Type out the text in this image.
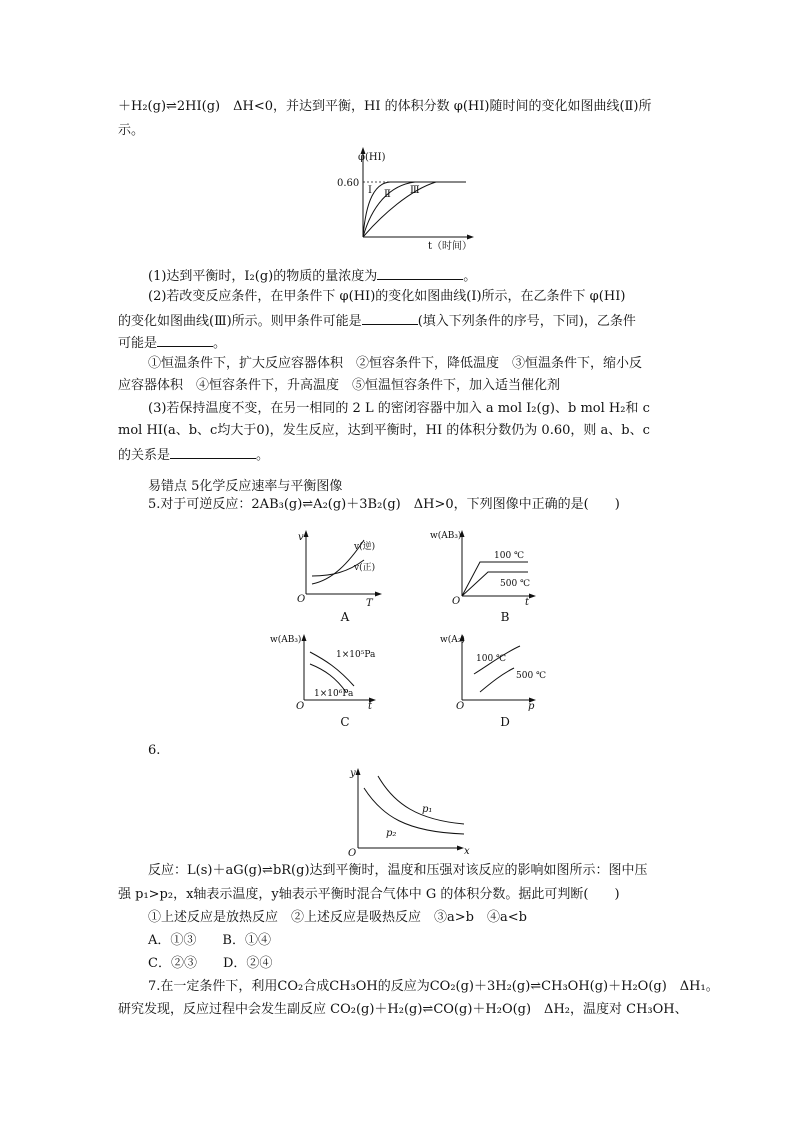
＋H₂(g)⇌2HI(g)　ΔH<0，并达到平衡，HI 的体积分数 φ(HI)随时间的变化如图曲线(Ⅱ)所
示。
φ(HI)
0.60
Ⅰ Ⅱ Ⅲ
t（时间）
(1)达到平衡时，I₂(g)的物质的量浓度为	。
(2)若改变反应条件，在甲条件下 φ(HI)的变化如图曲线(Ⅰ)所示，在乙条件下 φ(HI)
的变化如图曲线(Ⅲ)所示。则甲条件可能是	(填入下列条件的序号，下同)，乙条件
可能是	。
①恒温条件下，扩大反应容器体积　②恒容条件下，降低温度　③恒温条件下，缩小反
应容器体积　④恒容条件下，升高温度　⑤恒温恒容条件下，加入适当催化剂
(3)若保持温度不变，在另一相同的 2 L 的密闭容器中加入 a mol I₂(g)、b mol H₂和 c
mol HI(a、b、c均大于0)，发生反应，达到平衡时，HI 的体积分数仍为 0.60，则 a、b、c
的关系是	。
易错点 5化学反应速率与平衡图像
5.对于可逆反应：2AB₃(g)⇌A₂(g)＋3B₂(g)　ΔH>0，下列图像中正确的是(　　)
v
v(逆)
v(正)
O	T
A
w(AB₃)
100 ℃
500 ℃
O	t
B
w(AB₃)
1×10⁵Pa
1×10⁶Pa
O	t
C
w(A₂)
100 ℃
500 ℃
O	p
D
6.
y
p₁
p₂
O	x
反应：L(s)＋aG(g)⇌bR(g)达到平衡时，温度和压强对该反应的影响如图所示：图中压
强 p₁>p₂，x轴表示温度，y轴表示平衡时混合气体中 G 的体积分数。据此可判断(　　)
①上述反应是放热反应　②上述反应是吸热反应　③a>b　④a<b
A．①③　　B．①④
C．②③　　D．②④
7.在一定条件下，利用CO₂合成CH₃OH的反应为CO₂(g)＋3H₂(g)⇌CH₃OH(g)＋H₂O(g)　ΔH₁。
研究发现，反应过程中会发生副反应 CO₂(g)＋H₂(g)⇌CO(g)＋H₂O(g)　ΔH₂，温度对 CH₃OH、
